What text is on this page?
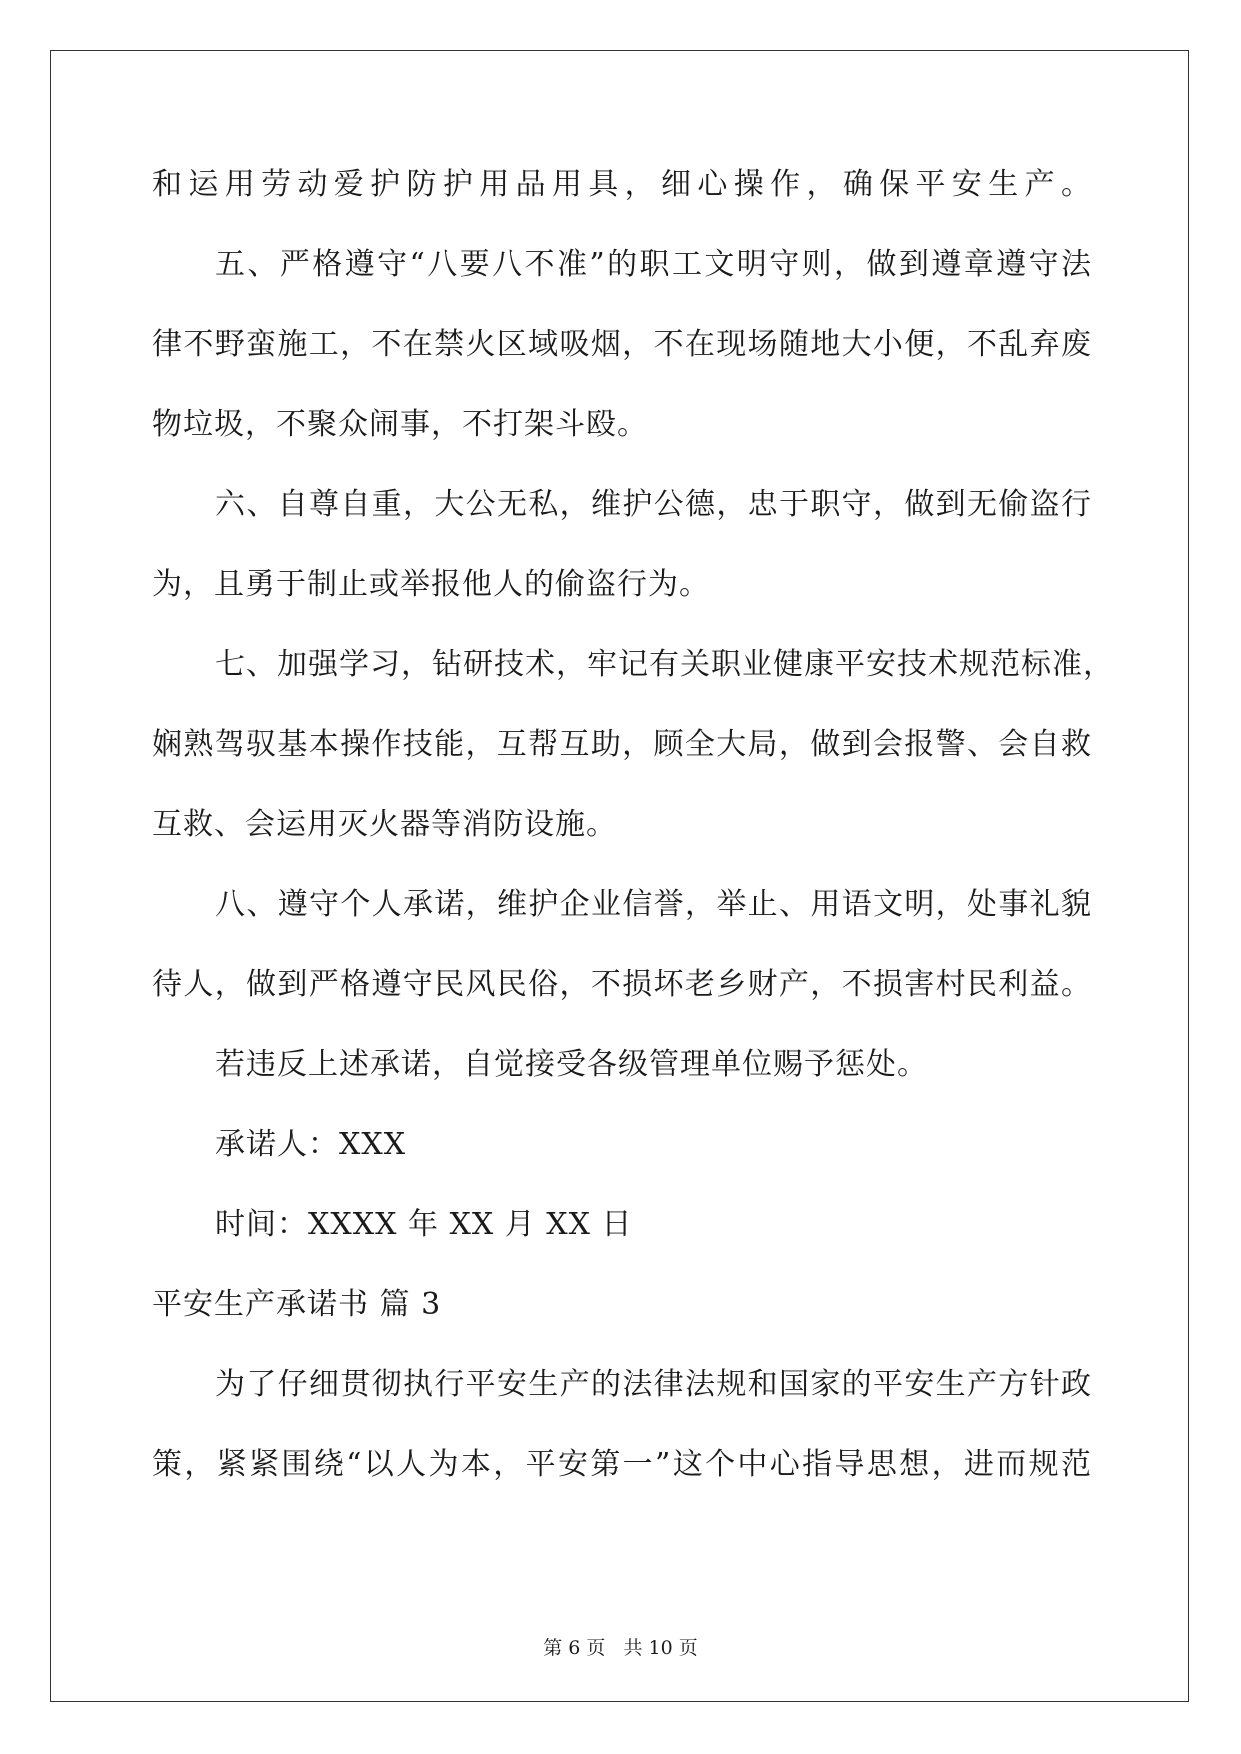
和运用劳动爱护防护用品用具，细心操作，确保平安生产。
五、严格遵守“八要八不准”的职工文明守则，做到遵章遵守法
律不野蛮施工，不在禁火区域吸烟，不在现场随地大小便，不乱弃废
物垃圾，不聚众闹事，不打架斗殴。
六、自尊自重，大公无私，维护公德，忠于职守，做到无偷盗行
为，且勇于制止或举报他人的偷盗行为。
七、加强学习，钻研技术，牢记有关职业健康平安技术规范标准，
娴熟驾驭基本操作技能，互帮互助，顾全大局，做到会报警、会自救
互救、会运用灭火器等消防设施。
八、遵守个人承诺，维护企业信誉，举止、用语文明，处事礼貌
待人，做到严格遵守民风民俗，不损坏老乡财产，不损害村民利益。
若违反上述承诺，自觉接受各级管理单位赐予惩处。
承诺人：XXX
时间：XXXX 年 XX 月 XX 日
平安生产承诺书 篇 3
为了仔细贯彻执行平安生产的法律法规和国家的平安生产方针政
策，紧紧围绕“以人为本，平安第一”这个中心指导思想，进而规范
第 6 页 共 10 页
